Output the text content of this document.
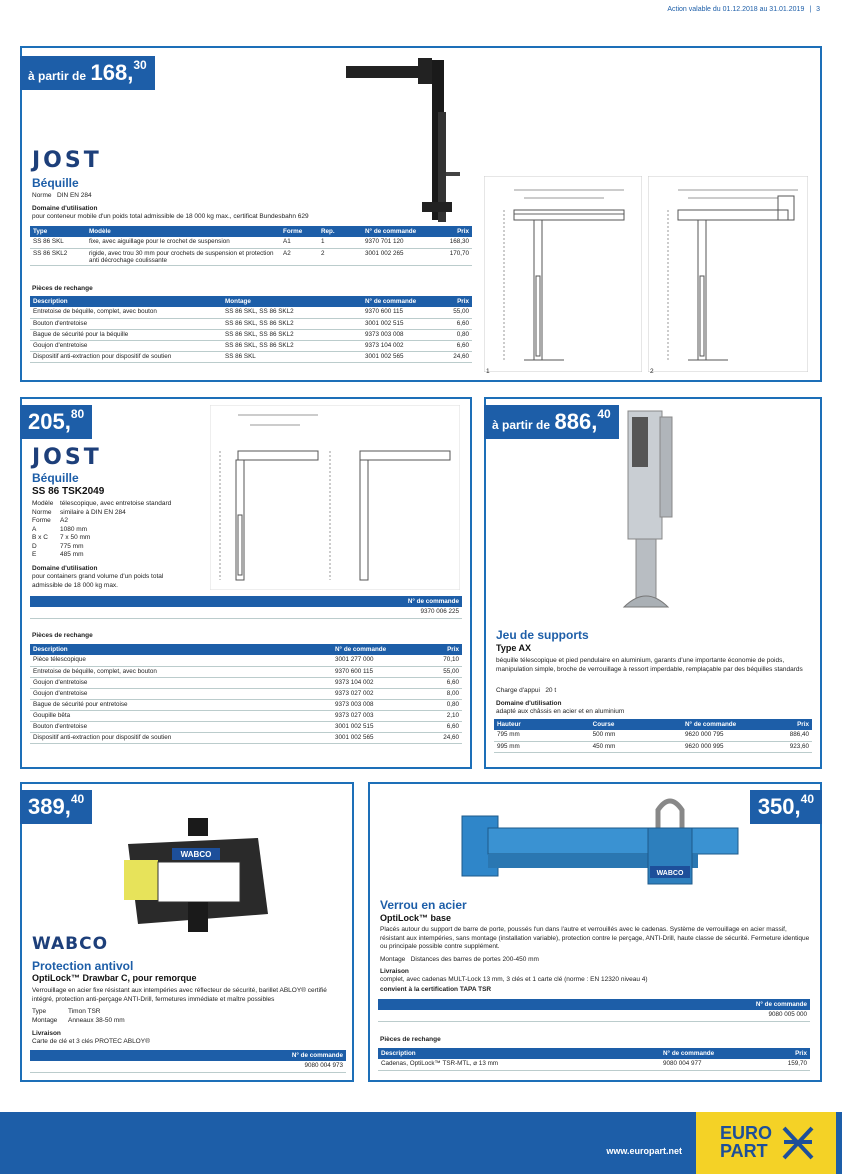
Action valable du 01.12.2018 au 31.01.2019 | 3
à partir de 168,30
JOST
Béquille
Norme DIN EN 284
Domaine d'utilisation
pour conteneur mobile d'un poids total admissible de 18 000 kg max., certificat Bundesbahn 629
Type	Modèle	Forme	Rep.	N° de commande	Prix
SS 86 SKL	fixe, avec aiguillage pour le crochet de suspension	A1	1	9370 701 120	168,30
SS 86 SKL2	rigide, avec trou 30 mm pour crochets de suspension et protection anti décrochage coulissante	A2	2	3001 002 265	170,70
Pièces de rechange
Description	Montage	N° de commande	Prix
Entretoise de béquille, complet, avec bouton	SS 86 SKL, SS 86 SKL2	9370 600 115	55,00
Bouton d'entretoise	SS 86 SKL, SS 86 SKL2	3001 002 515	6,60
Bague de sécurité pour la béquille	SS 86 SKL, SS 86 SKL2	9373 003 008	0,80
Goujon d'entretoise	SS 86 SKL, SS 86 SKL2	9373 104 002	6,60
Dispositif anti-extraction pour dispositif de soutien	SS 86 SKL	3001 002 565	24,60
1	2
205,80
JOST
Béquille
SS 86 TSK2049
Modèle télescopique, avec entretoise standard
Norme similaire à DIN EN 284
Forme A2
A	1080 mm
B x C 7 x 50 mm
D	775 mm
E	485 mm
Domaine d'utilisation
pour containers grand volume d'un poids total admissible de 18 000 kg max.
N° de commande
9370 006 225
Pièces de rechange
Description	N° de commande	Prix
Pièce télescopique	3001 277 000	70,10
Entretoise de béquille, complet, avec bouton	9370 600 115	55,00
Goujon d'entretoise	9373 104 002	6,60
Goujon d'entretoise	9373 027 002	8,00
Bague de sécurité pour entretoise	9373 003 008	0,80
Goupille bêta	9373 027 003	2,10
Bouton d'entretoise	3001 002 515	6,60
Dispositif anti-extraction pour dispositif de soutien	3001 002 565	24,60
à partir de 886,40
Jeu de supports
Type AX
béquille télescopique et pied pendulaire en aluminium, garants d'une importante économie de poids, manipulation simple, broche de verrouillage à ressort imperdable, remplaçable par des béquilles standards
Charge d'appui 20 t
Domaine d'utilisation
adapté aux châssis en acier et en aluminium
Hauteur	Course	N° de commande	Prix
795 mm	500 mm	9620 000 795	886,40
995 mm	450 mm	9620 000 995	923,60
389,40
WABCO
WABCO
Protection antivol
OptiLock™ Drawbar C, pour remorque
Verrouillage en acier fixe résistant aux intempéries avec réflecteur de sécurité, barillet ABLOY® certifié intégré, protection anti-perçage ANTI-Drill, fermetures immédiate et maître possibles
Type	Timon TSR
Montage Anneaux 38-50 mm
Livraison
Carte de clé et 3 clés PROTEC ABLOY®
N° de commande
9080 004 973
350,40
WABCO
Verrou en acier
OptiLock™ base
Placés autour du support de barre de porte, poussés l'un dans l'autre et verrouillés avec le cadenas. Système de verrouillage en acier massif, résistant aux intempéries, sans montage (installation variable), protection contre le perçage, ANTI-Drill, haute classe de sécurité. Fermeture identique ou principale possible contre supplément.
Montage Distances des barres de portes 200-450 mm
Livraison
complet, avec cadenas MULT-Lock 13 mm, 3 clés et 1 carte clé (norme : EN 12320 niveau 4)
convient à la certification TAPA TSR
N° de commande
9080 005 000
Pièces de rechange
Description	N° de commande	Prix
Cadenas, OptiLock™ TSR-MTL, ⌀ 13 mm	9080 004 977	159,70
www.europart.net
EURO
PART
